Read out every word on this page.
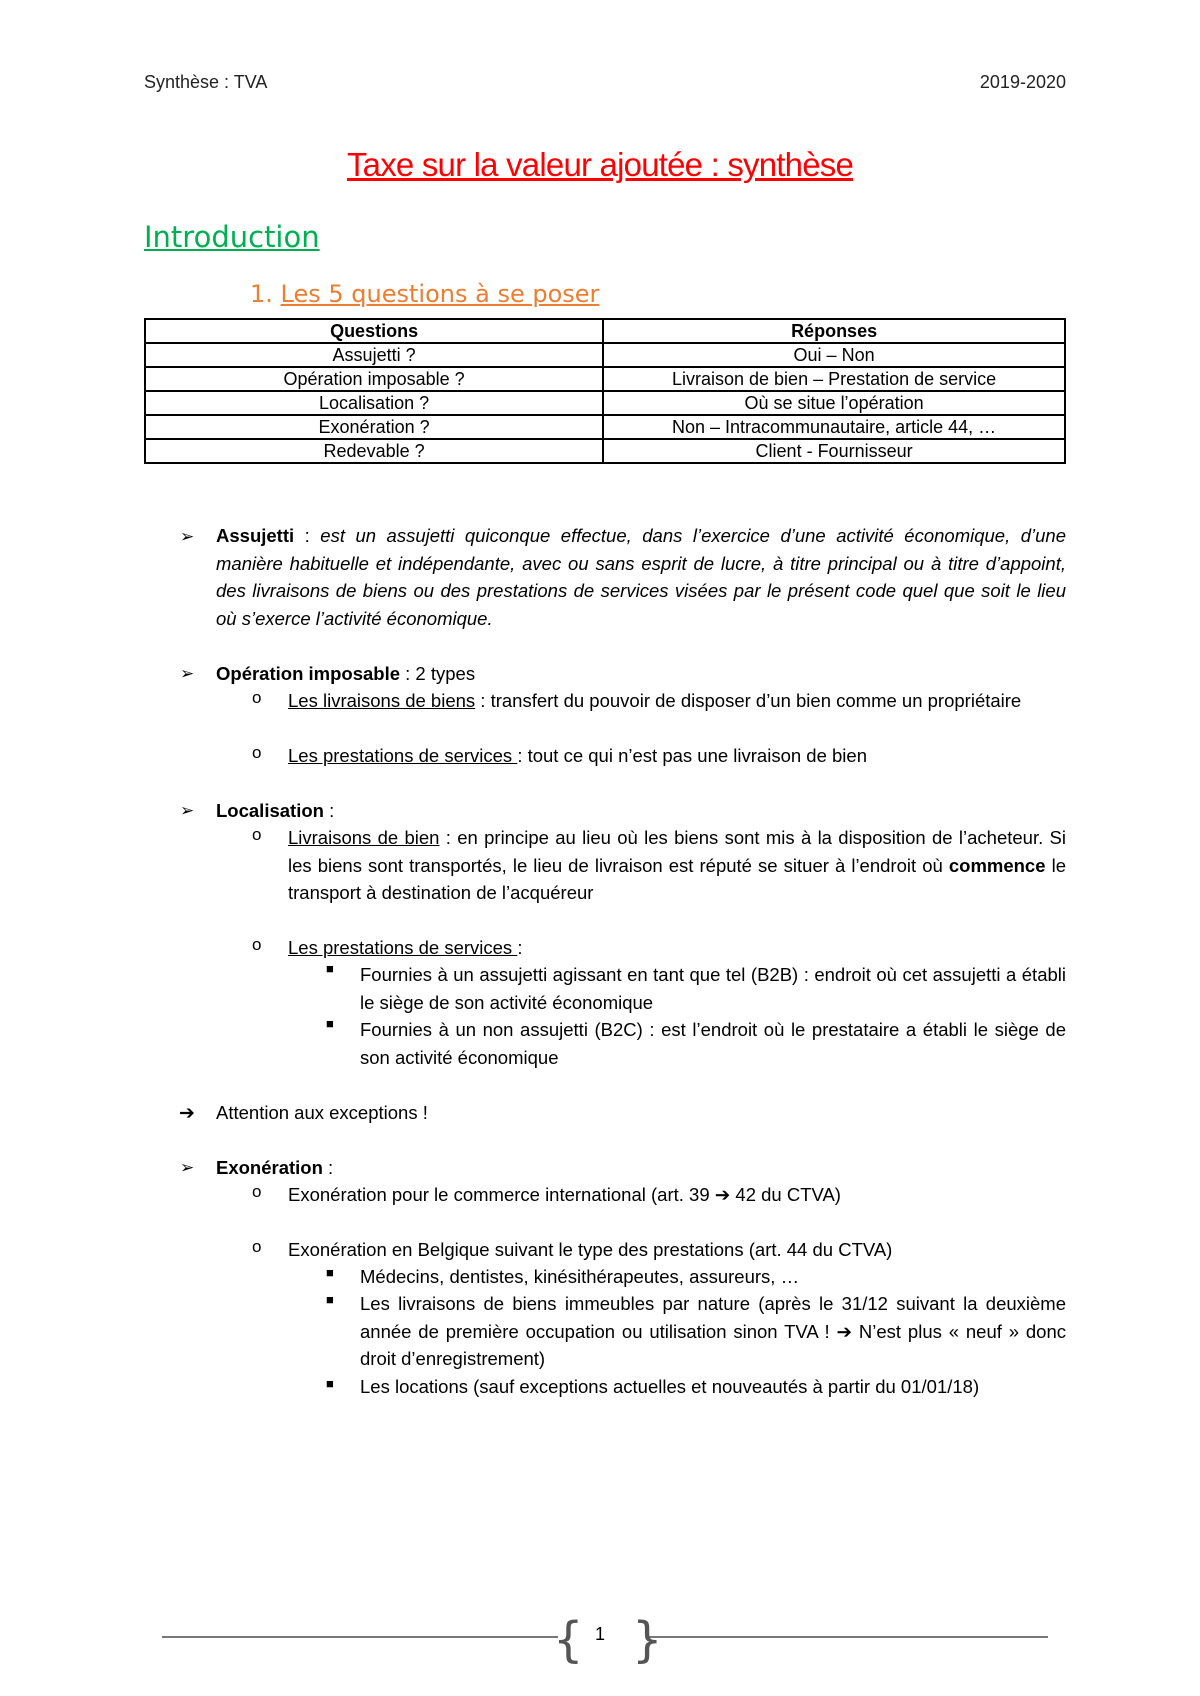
Synthèse : TVA	2019-2020
Taxe sur la valeur ajoutée : synthèse
Introduction
1. Les 5 questions à se poser
Questions	Réponses
Assujetti ?	Oui – Non
Opération imposable ?	Livraison de bien – Prestation de service
Localisation ?	Où se situe l’opération
Exonération ?	Non – Intracommunautaire, article 44, …
Redevable ?	Client - Fournisseur
➢ Assujetti : est un assujetti quiconque effectue, dans l’exercice d’une activité économique, d’une manière habituelle et indépendante, avec ou sans esprit de lucre, à titre principal ou à titre d’appoint, des livraisons de biens ou des prestations de services visées par le présent code quel que soit le lieu où s’exerce l’activité économique.
➢ Opération imposable : 2 types
o Les livraisons de biens : transfert du pouvoir de disposer d’un bien comme un propriétaire
o Les prestations de services : tout ce qui n’est pas une livraison de bien
➢ Localisation :
o Livraisons de bien : en principe au lieu où les biens sont mis à la disposition de l’acheteur. Si les biens sont transportés, le lieu de livraison est réputé se situer à l’endroit où commence le transport à destination de l’acquéreur
o Les prestations de services :
■ Fournies à un assujetti agissant en tant que tel (B2B) : endroit où cet assujetti a établi le siège de son activité économique
■ Fournies à un non assujetti (B2C) : est l’endroit où le prestataire a établi le siège de son activité économique
➔ Attention aux exceptions !
➢ Exonération :
o Exonération pour le commerce international (art. 39 ➔ 42 du CTVA)
o Exonération en Belgique suivant le type des prestations (art. 44 du CTVA)
■ Médecins, dentistes, kinésithérapeutes, assureurs, …
■ Les livraisons de biens immeubles par nature (après le 31/12 suivant la deuxième année de première occupation ou utilisation sinon TVA ! ➔ N’est plus « neuf » donc droit d’enregistrement)
■ Les locations (sauf exceptions actuelles et nouveautés à partir du 01/01/18)
{ }
1
